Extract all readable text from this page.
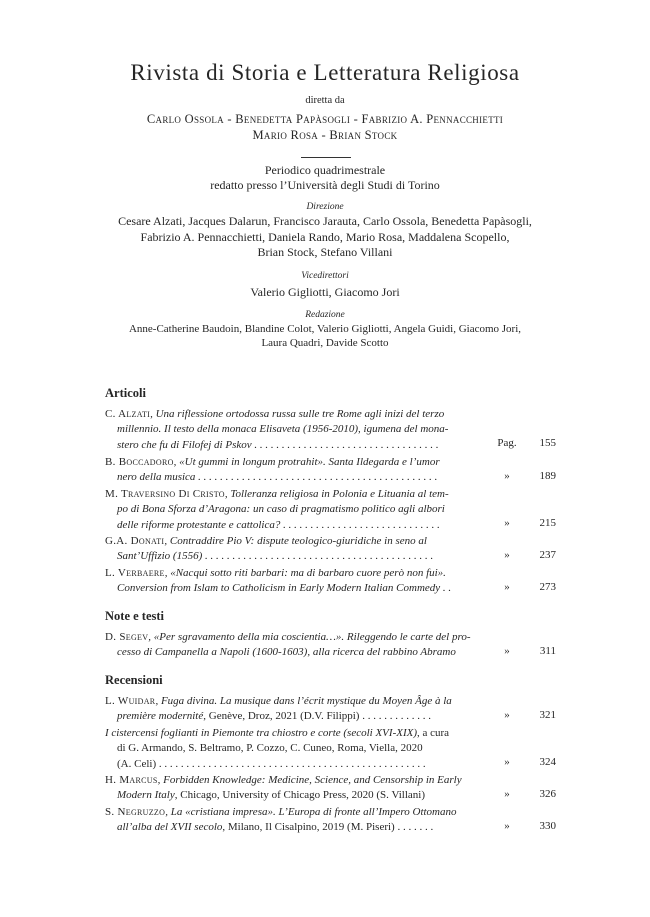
Rivista di Storia e Letteratura Religiosa
diretta da
Carlo Ossola - Benedetta Papàsogli - Fabrizio A. Pennacchietti
Mario Rosa - Brian Stock
Periodico quadrimestrale
redatto presso l’Università degli Studi di Torino
Direzione
Cesare Alzati, Jacques Dalarun, Francisco Jarauta, Carlo Ossola, Benedetta Papàsogli,
Fabrizio A. Pennacchietti, Daniela Rando, Mario Rosa, Maddalena Scopello,
Brian Stock, Stefano Villani
Vicedirettori
Valerio Gigliotti, Giacomo Jori
Redazione
Anne-Catherine Baudoin, Blandine Colot, Valerio Gigliotti, Angela Guidi, Giacomo Jori,
Laura Quadri, Davide Scotto
Articoli
C. Alzati, Una riflessione ortodossa russa sulle tre Rome agli inizi del terzo
millennio. Il testo della monaca Elisaveta (1956-2010), igumena del mona-
stero che fu di Filofej di Pskov . . . . . . . . . . . . . . . . . . . . . . . . . . . . . . . . . .	Pag.	155
B. Boccadoro, «Ut gummi in longum protrahit». Santa Ildegarda e l’umor
nero della musica . . . . . . . . . . . . . . . . . . . . . . . . . . . . . . . . . . . . . . . . . . . .	»	189
M. Traversino Di Cristo, Tolleranza religiosa in Polonia e Lituania al tem-
po di Bona Sforza d’Aragona: un caso di pragmatismo politico agli albori
delle riforme protestante e cattolica? . . . . . . . . . . . . . . . . . . . . . . . . . . . . .	»	215
G.A. Donati, Contraddire Pio V: dispute teologico-giuridiche in seno al
Sant’Uffizio (1556) . . . . . . . . . . . . . . . . . . . . . . . . . . . . . . . . . . . . . . . . . .	»	237
L. Verbaere, «Nacqui sotto riti barbari: ma di barbaro cuore però non fui».
Conversion from Islam to Catholicism in Early Modern Italian Commedy . .	»	273
Note e testi
D. Segev, «Per sgravamento della mia coscientia…». Rileggendo le carte del pro-
cesso di Campanella a Napoli (1600-1603), alla ricerca del rabbino Abramo	»	311
Recensioni
L. Wuidar, Fuga divina. La musique dans l’écrit mystique du Moyen Âge à la
première modernité, Genève, Droz, 2021 (D.V. Filippi) . . . . . . . . . . . . .	»	321
I cistercensi foglianti in Piemonte tra chiostro e corte (secoli XVI-XIX), a cura
di G. Armando, S. Beltramo, P. Cozzo, C. Cuneo, Roma, Viella, 2020
(A. Celi) . . . . . . . . . . . . . . . . . . . . . . . . . . . . . . . . . . . . . . . . . . . . . . . . .	»	324
H. Marcus, Forbidden Knowledge: Medicine, Science, and Censorship in Early
Modern Italy, Chicago, University of Chicago Press, 2020 (S. Villani)	»	326
S. Negruzzo, La «cristiana impresa». L’Europa di fronte all’Impero Ottomano
all’alba del XVII secolo, Milano, Il Cisalpino, 2019 (M. Piseri) . . . . . . .	»	330
